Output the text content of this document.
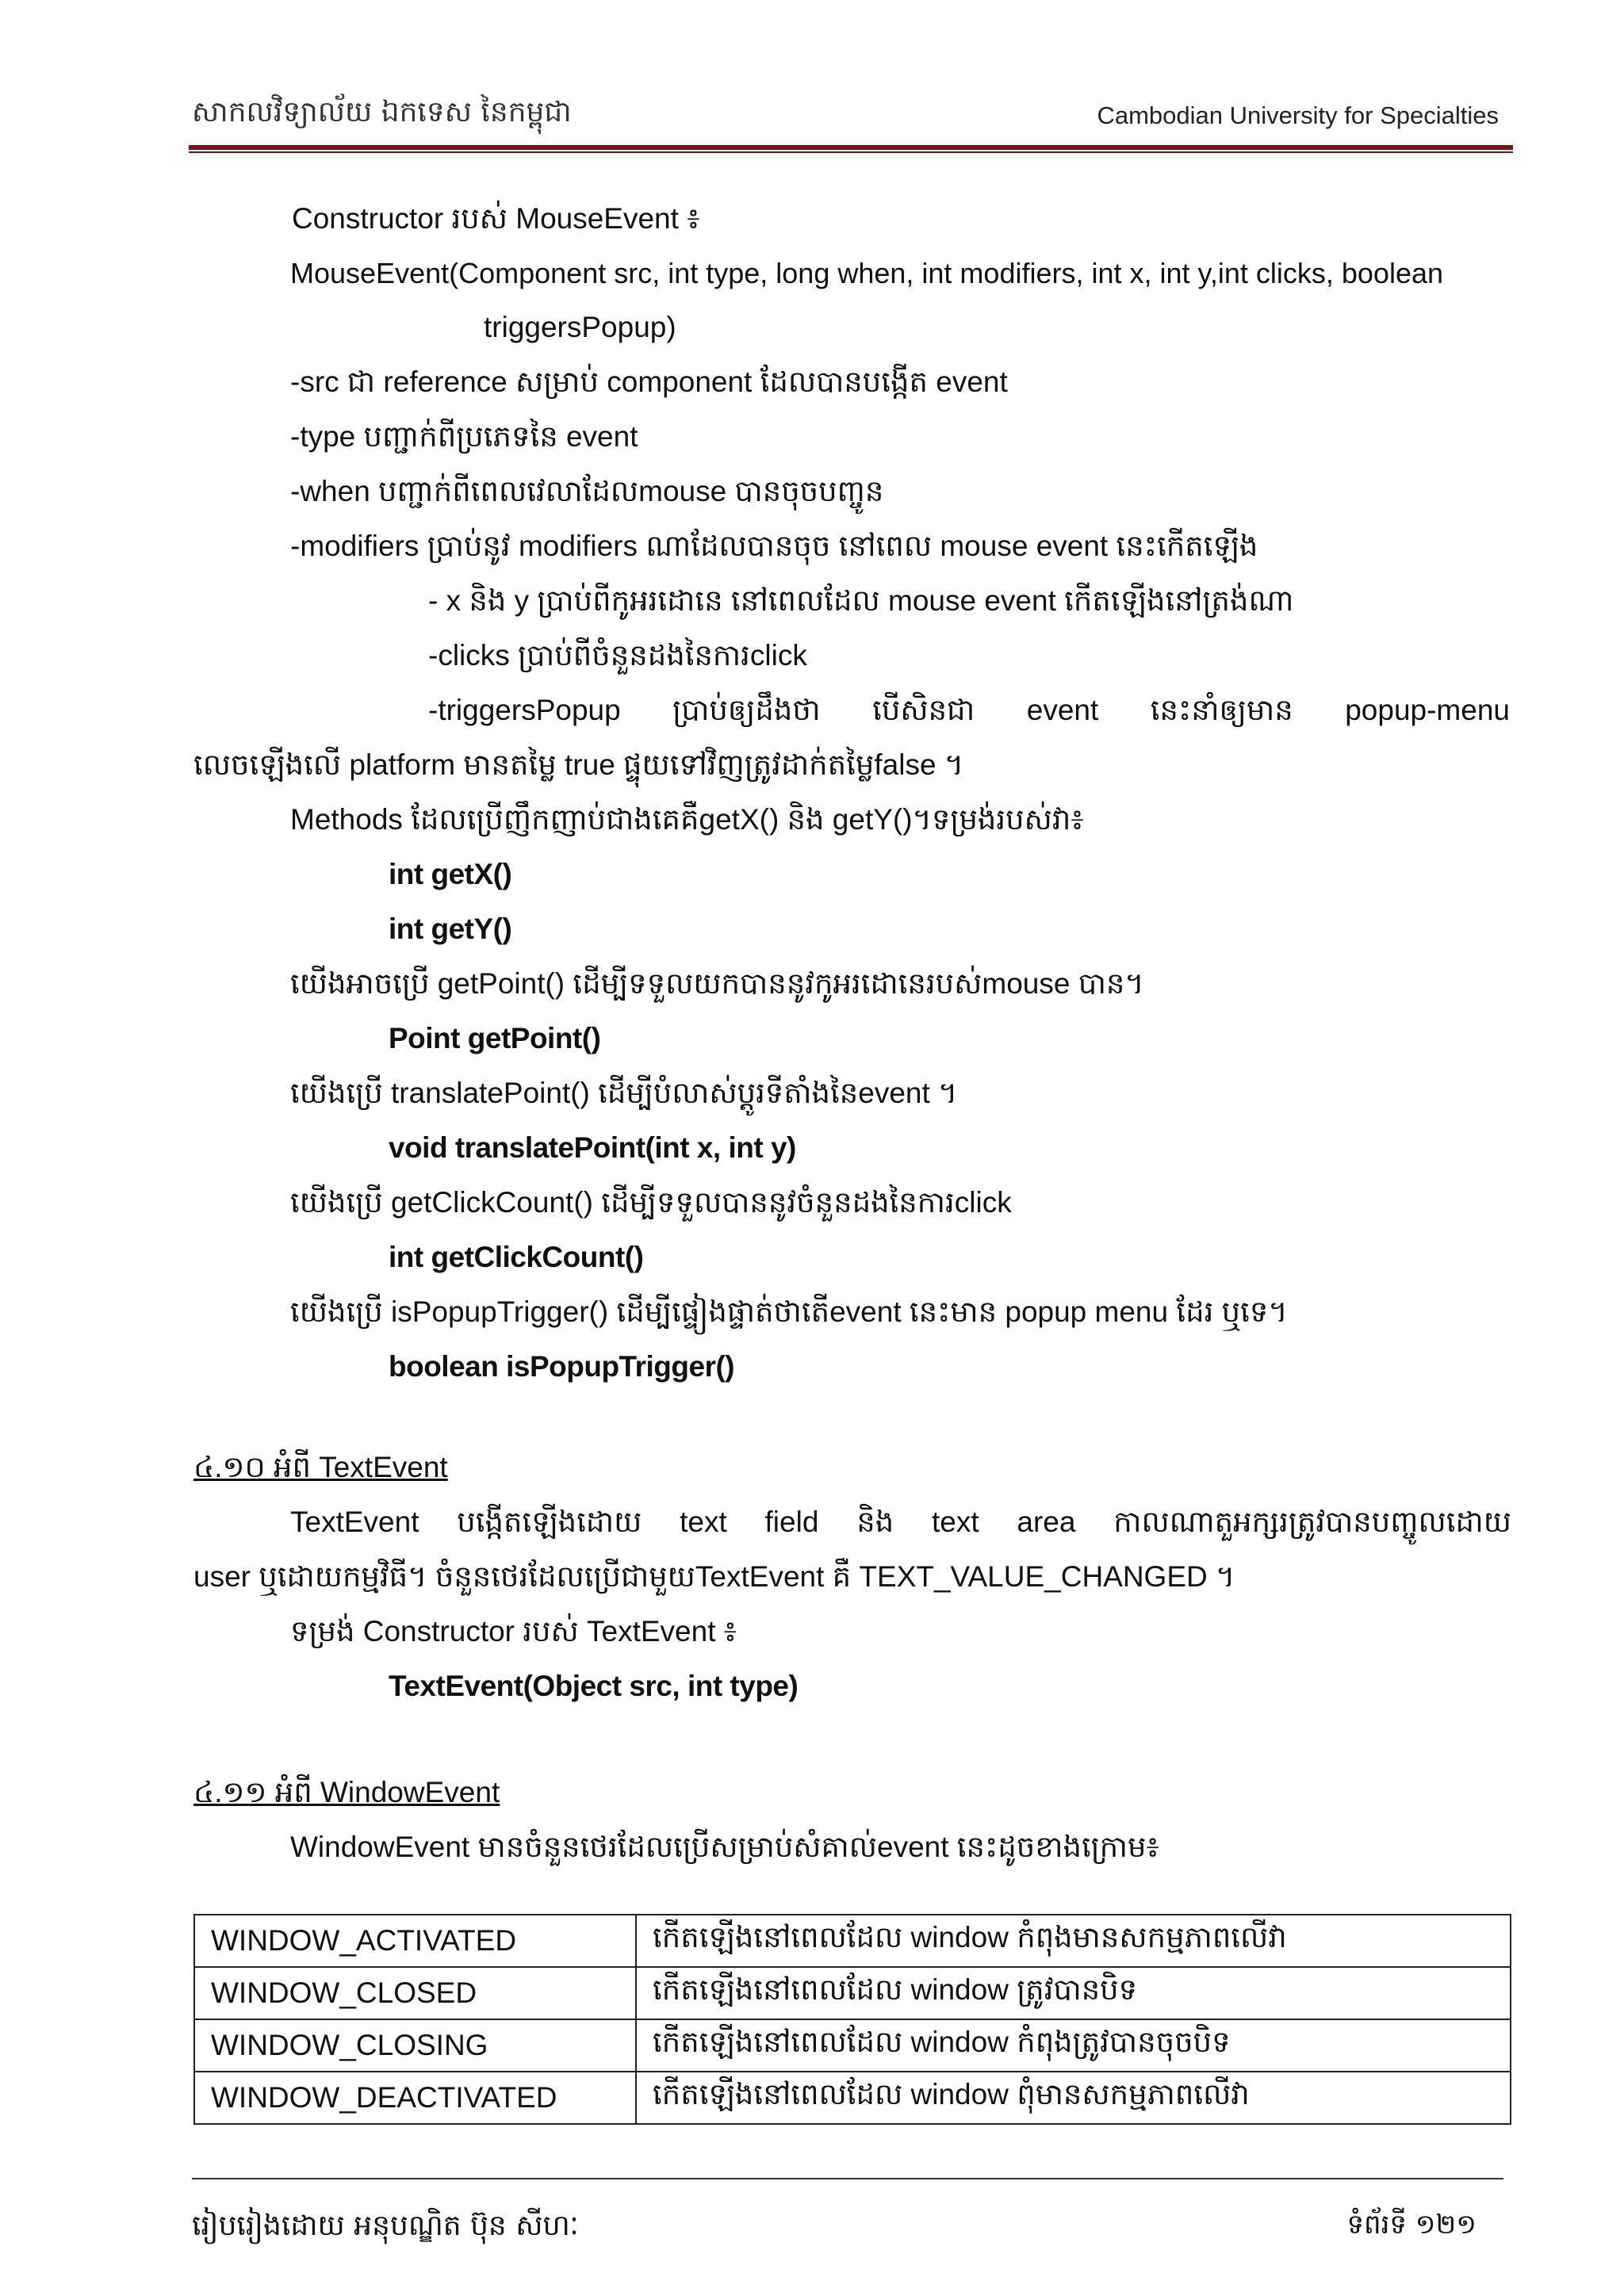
សាកលវិទ្យាល័យ ឯកទេស នៃកម្ពុជា	Cambodian University for Specialties
Constructor របស់ MouseEvent ៖
MouseEvent(Component src, int type, long when, int modifiers, int x, int y,int clicks, boolean
triggersPopup)
-src ជា reference សម្រាប់ component ដែលបានបង្កើត event
-type បញ្ជាក់ពីប្រភេទនៃ event
-when បញ្ជាក់ពីពេលវេលាដែលmouse បានចុចបញ្ចូន
-modifiers ប្រាប់នូវ modifiers ណាដែលបានចុច នៅពេល mouse event នេះកើតឡើង
- x និង y ប្រាប់ពីកូអរដោនេ នៅពេលដែល mouse event កើតឡើងនៅត្រង់ណា
-clicks ប្រាប់ពីចំនួនដងនៃការclick
-triggersPopup ប្រាប់ឲ្យដឹងថា បើសិនជា event នេះនាំឲ្យមាន popup-menu
លេចឡើងលើ platform មានតម្លៃ true ផ្ទុយទៅវិញត្រូវដាក់តម្លៃfalse ។
Methods ដែលប្រើញឹកញាប់ជាងគេគឺgetX() និង getY()។ទម្រង់របស់វា៖
int getX()
int getY()
យើងអាចប្រើ getPoint() ដើម្បីទទួលយកបាននូវកូអរដោនេរបស់mouse បាន។
Point getPoint()
យើងប្រើ translatePoint() ដើម្បីបំលាស់ប្តូរទីតាំងនៃevent ។
void translatePoint(int x, int y)
យើងប្រើ getClickCount() ដើម្បីទទួលបាននូវចំនួនដងនៃការclick
int getClickCount()
យើងប្រើ isPopupTrigger() ដើម្បីផ្ទៀងផ្ទាត់ថាតើevent នេះមាន popup menu ដែរ ឬទេ។
boolean isPopupTrigger()
៤.១០ អំពី TextEvent
TextEvent បង្កើតឡើងដោយ text field និង text area កាលណាតួអក្សរត្រូវបានបញ្ចូលដោយ
user ឬដោយកម្មវិធី។ ចំនួនថេរដែលប្រើជាមួយTextEvent គឺ TEXT_VALUE_CHANGED ។
ទម្រង់ Constructor របស់ TextEvent ៖
TextEvent(Object src, int type)
៤.១១ អំពី WindowEvent
WindowEvent មានចំនួនថេរដែលប្រើសម្រាប់សំគាល់event នេះដូចខាងក្រោម៖
WINDOW_ACTIVATED	កើតឡើងនៅពេលដែល window កំពុងមានសកម្មភាពលើវា
WINDOW_CLOSED	កើតឡើងនៅពេលដែល window ត្រូវបានបិទ
WINDOW_CLOSING	កើតឡើងនៅពេលដែល window កំពុងត្រូវបានចុចបិទ
WINDOW_DEACTIVATED	កើតឡើងនៅពេលដែល window ពុំមានសកម្មភាពលើវា
រៀបរៀងដោយ អនុបណ្ឌិត ប៊ុន សីហៈ	ទំព័រទី ១២១
